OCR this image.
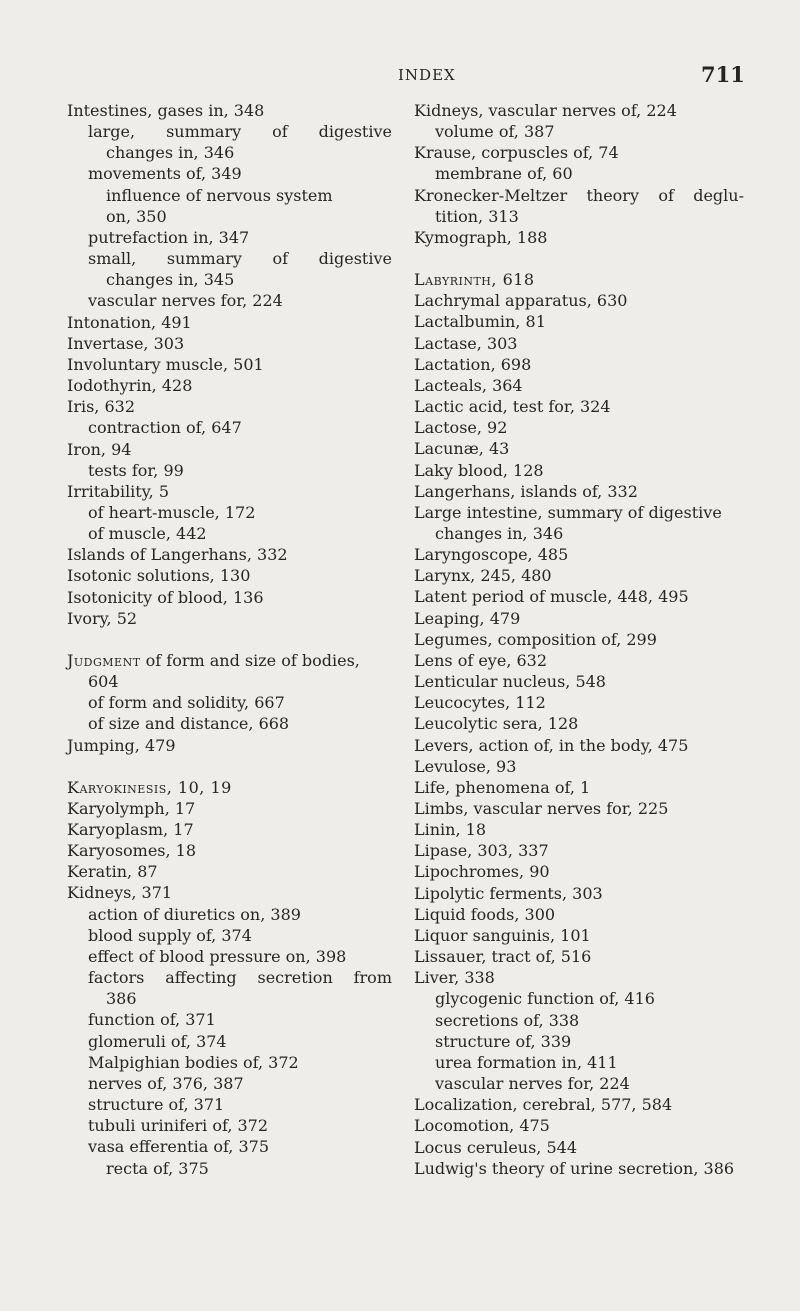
INDEX	711
Intestines, gases in, 348
large, summary of digestive
changes in, 346
movements of, 349
influence of nervous system
on, 350
putrefaction in, 347
small, summary of digestive
changes in, 345
vascular nerves for, 224
Intonation, 491
Invertase, 303
Involuntary muscle, 501
Iodothyrin, 428
Iris, 632
contraction of, 647
Iron, 94
tests for, 99
Irritability, 5
of heart-muscle, 172
of muscle, 442
Islands of Langerhans, 332
Isotonic solutions, 130
Isotonicity of blood, 136
Ivory, 52
Judgment of form and size of bodies,
604
of form and solidity, 667
of size and distance, 668
Jumping, 479
Karyokinesis, 10, 19
Karyolymph, 17
Karyoplasm, 17
Karyosomes, 18
Keratin, 87
Kidneys, 371
action of diuretics on, 389
blood supply of, 374
effect of blood pressure on, 398
factors affecting secretion from
386
function of, 371
glomeruli of, 374
Malpighian bodies of, 372
nerves of, 376, 387
structure of, 371
tubuli uriniferi of, 372
vasa efferentia of, 375
recta of, 375
Kidneys, vascular nerves of, 224
volume of, 387
Krause, corpuscles of, 74
membrane of, 60
Kronecker-Meltzer theory of deglu-
tition, 313
Kymograph, 188
Labyrinth, 618
Lachrymal apparatus, 630
Lactalbumin, 81
Lactase, 303
Lactation, 698
Lacteals, 364
Lactic acid, test for, 324
Lactose, 92
Lacunæ, 43
Laky blood, 128
Langerhans, islands of, 332
Large intestine, summary of digestive
changes in, 346
Laryngoscope, 485
Larynx, 245, 480
Latent period of muscle, 448, 495
Leaping, 479
Legumes, composition of, 299
Lens of eye, 632
Lenticular nucleus, 548
Leucocytes, 112
Leucolytic sera, 128
Levers, action of, in the body, 475
Levulose, 93
Life, phenomena of, 1
Limbs, vascular nerves for, 225
Linin, 18
Lipase, 303, 337
Lipochromes, 90
Lipolytic ferments, 303
Liquid foods, 300
Liquor sanguinis, 101
Lissauer, tract of, 516
Liver, 338
glycogenic function of, 416
secretions of, 338
structure of, 339
urea formation in, 411
vascular nerves for, 224
Localization, cerebral, 577, 584
Locomotion, 475
Locus ceruleus, 544
Ludwig's theory of urine secretion, 386
